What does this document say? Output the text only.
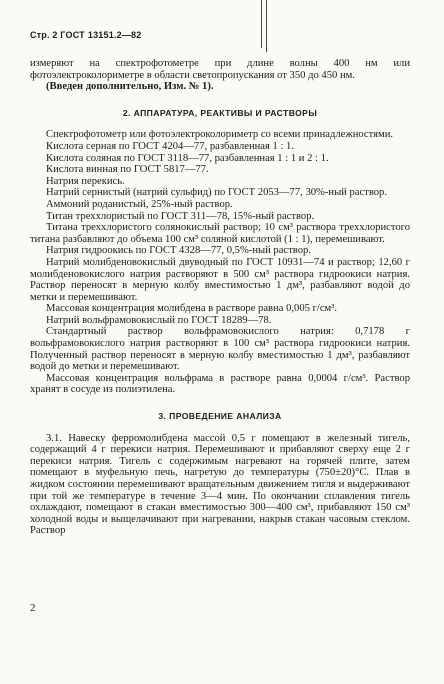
Стр. 2 ГОСТ 13151.2—82

измеряют на спектрофотометре при длине волны 400 нм или фотоэлектроколориметре в области светопропускания от 350 до 450 нм.

(Введен дополнительно, Изм. № 1).

2. АППАРАТУРА, РЕАКТИВЫ И РАСТВОРЫ

Спектрофотометр или фотоэлектроколориметр со всеми принадлежностями.

Кислота серная по ГОСТ 4204—77, разбавленная 1 : 1.

Кислота соляная по ГОСТ 3118—77, разбавленная 1 : 1 и 2 : 1.

Кислота винная по ГОСТ 5817—77.

Натрия перекись.

Натрий сернистый (натрий сульфид) по ГОСТ 2053—77, 30%-ный раствор.

Аммоний роданистый, 25%-ный раствор.

Титан треххлористый по ГОСТ 311—78, 15%-ный раствор.

Титана треххлористого солянокислый раствор; 10 см³ раствора треххлористого титана разбавляют до объема 100 см³ соляной кислотой (1 : 1), перемешивают.

Натрия гидроокись по ГОСТ 4328—77, 0,5%-ный раствор.

Натрий молибденовокислый двуводный по ГОСТ 10931—74 и раствор; 12,60 г молибденовокислого натрия растворяют в 500 см³ раствора гидроокиси натрия. Раствор переносят в мерную колбу вместимостью 1 дм³, разбавляют водой до метки и перемешивают.

Массовая концентрация молибдена в растворе равна 0,005 г/см³.

Натрий вольфрамовокислый по ГОСТ 18289—78.

Стандартный раствор вольфрамовокислого натрия: 0,7178 г вольфрамовокислого натрия растворяют в 100 см³ раствора гидроокиси натрия. Полученный раствор переносят в мерную колбу вместимостью 1 дм³, разбавляют водой до метки и перемешивают.

Массовая концентрация вольфрама в растворе равна 0,0004 г/см³. Раствор хранят в сосуде из полиэтилена.

3. ПРОВЕДЕНИЕ АНАЛИЗА

3.1. Навеску ферромолибдена массой 0,5 г помещают в железный тигель, содержащий 4 г перекиси натрия. Перемешивают и прибавляют сверху еще 2 г перекиси натрия. Тигель с содержимым нагревают на горячей плите, затем помещают в муфельную печь, нагретую до температуры (750±20)°С. Плав в жидком состоянии перемешивают вращательным движением тигля и выдерживают при той же температуре в течение 3—4 мин. По окончании сплавления тигель охлаждают, помещают в стакан вместимостью 300—400 см³, прибавляют 150 см³ холодной воды и выщелачивают при нагревании, накрыв стакан часовым стеклом. Раствор

2
